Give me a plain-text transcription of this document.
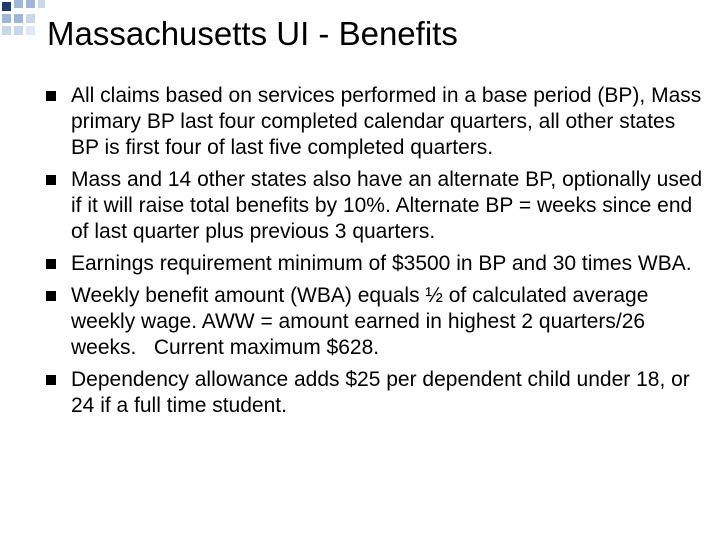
Massachusetts UI - Benefits
All claims based on services performed in a base period (BP), Mass primary BP last four completed calendar quarters, all other states BP is first four of last five completed quarters.
Mass and 14 other states also have an alternate BP, optionally used if it will raise total benefits by 10%. Alternate BP = weeks since end of last quarter plus previous 3 quarters.
Earnings requirement minimum of $3500 in BP and 30 times WBA.
Weekly benefit amount (WBA) equals ½ of calculated average weekly wage. AWW = amount earned in highest 2 quarters/26 weeks.   Current maximum $628.
Dependency allowance adds $25 per dependent child under 18, or 24 if a full time student.
